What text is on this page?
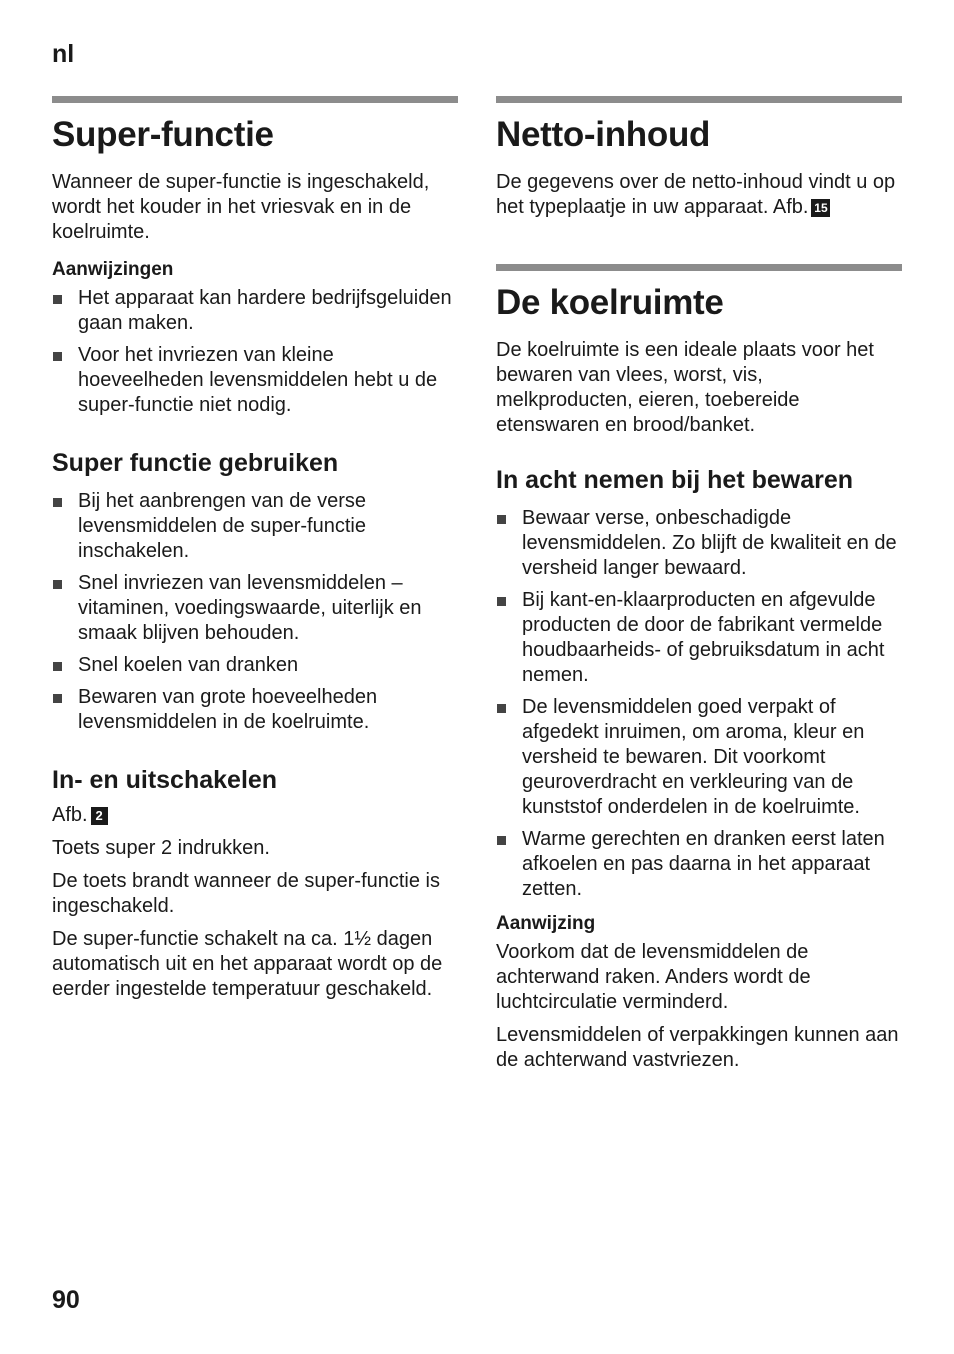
nl
Super-functie

Wanneer de super-functie is ingeschakeld, wordt het kouder in het vriesvak en in de koelruimte.

Aanwijzingen
Het apparaat kan hardere bedrijfsgeluiden gaan maken.
Voor het invriezen van kleine hoeveelheden levensmiddelen hebt u de super-functie niet nodig.
Super functie gebruiken
Bij het aanbrengen van de verse levensmiddelen de super-functie inschakelen.
Snel invriezen van levensmiddelen – vitaminen, voedingswaarde, uiterlijk en smaak blijven behouden.
Snel koelen van dranken
Bewaren van grote hoeveelheden levensmiddelen in de koelruimte.
In- en uitschakelen

Afb. 2

Toets super 2 indrukken.

De toets brandt wanneer de super-functie is ingeschakeld.

De super-functie schakelt na ca. 1½ dagen automatisch uit en het apparaat wordt op de eerder ingestelde temperatuur geschakeld.

Netto-inhoud

De gegevens over de netto-inhoud vindt u op het typeplaatje in uw apparaat. Afb. 15

De koelruimte

De koelruimte is een ideale plaats voor het bewaren van vlees, worst, vis, melkproducten, eieren, toebereide etenswaren en brood/banket.

In acht nemen bij het bewaren
Bewaar verse, onbeschadigde levensmiddelen. Zo blijft de kwaliteit en de versheid langer bewaard.
Bij kant-en-klaarproducten en afgevulde producten de door de fabrikant vermelde houdbaarheids- of gebruiksdatum in acht nemen.
De levensmiddelen goed verpakt of afgedekt inruimen, om aroma, kleur en versheid te bewaren. Dit voorkomt geuroverdracht en verkleuring van de kunststof onderdelen in de koelruimte.
Warme gerechten en dranken eerst laten afkoelen en pas daarna in het apparaat zetten.
Aanwijzing

Voorkom dat de levensmiddelen de achterwand raken. Anders wordt de luchtcirculatie verminderd.

Levensmiddelen of verpakkingen kunnen aan de achterwand vastvriezen.

90
